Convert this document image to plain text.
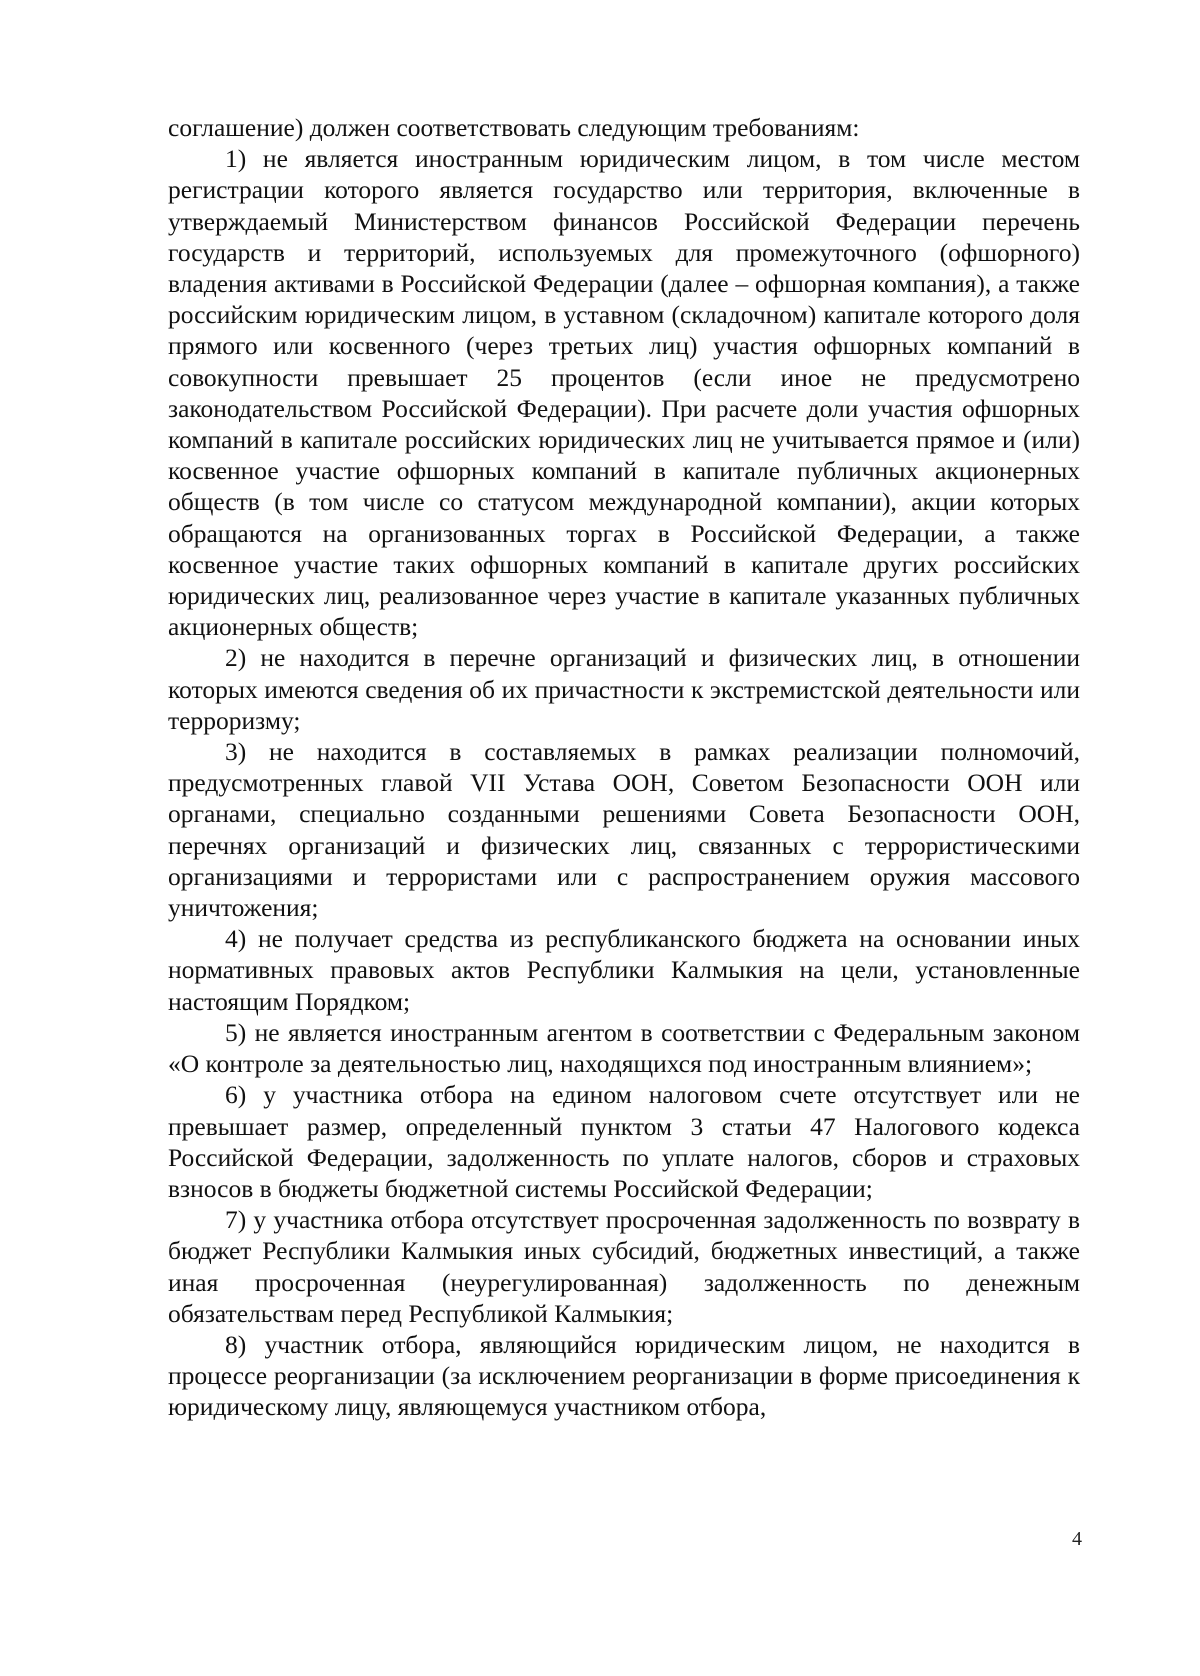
соглашение) должен соответствовать следующим требованиям:

1) не является иностранным юридическим лицом, в том числе местом регистрации которого является государство или территория, включенные в утверждаемый Министерством финансов Российской Федерации перечень государств и территорий, используемых для промежуточного (офшорного) владения активами в Российской Федерации (далее – офшорная компания), а также российским юридическим лицом, в уставном (складочном) капитале которого доля прямого или косвенного (через третьих лиц) участия офшорных компаний в совокупности превышает 25 процентов (если иное не предусмотрено законодательством Российской Федерации). При расчете доли участия офшорных компаний в капитале российских юридических лиц не учитывается прямое и (или) косвенное участие офшорных компаний в капитале публичных акционерных обществ (в том числе со статусом международной компании), акции которых обращаются на организованных торгах в Российской Федерации, а также косвенное участие таких офшорных компаний в капитале других российских юридических лиц, реализованное через участие в капитале указанных публичных акционерных обществ;

2) не находится в перечне организаций и физических лиц, в отношении которых имеются сведения об их причастности к экстремистской деятельности или терроризму;

3) не находится в составляемых в рамках реализации полномочий, предусмотренных главой VII Устава ООН, Советом Безопасности ООН или органами, специально созданными решениями Совета Безопасности ООН, перечнях организаций и физических лиц, связанных с террористическими организациями и террористами или с распространением оружия массового уничтожения;

4) не получает средства из республиканского бюджета на основании иных нормативных правовых актов Республики Калмыкия на цели, установленные настоящим Порядком;

5) не является иностранным агентом в соответствии с Федеральным законом «О контроле за деятельностью лиц, находящихся под иностранным влиянием»;

6) у участника отбора на едином налоговом счете отсутствует или не превышает размер, определенный пунктом 3 статьи 47 Налогового кодекса Российской Федерации, задолженность по уплате налогов, сборов и страховых взносов в бюджеты бюджетной системы Российской Федерации;

7) у участника отбора отсутствует просроченная задолженность по возврату в бюджет Республики Калмыкия иных субсидий, бюджетных инвестиций, а также иная просроченная (неурегулированная) задолженность по денежным обязательствам перед Республикой Калмыкия;

8) участник отбора, являющийся юридическим лицом, не находится в процессе реорганизации (за исключением реорганизации в форме присоединения к юридическому лицу, являющемуся участником отбора,

4
